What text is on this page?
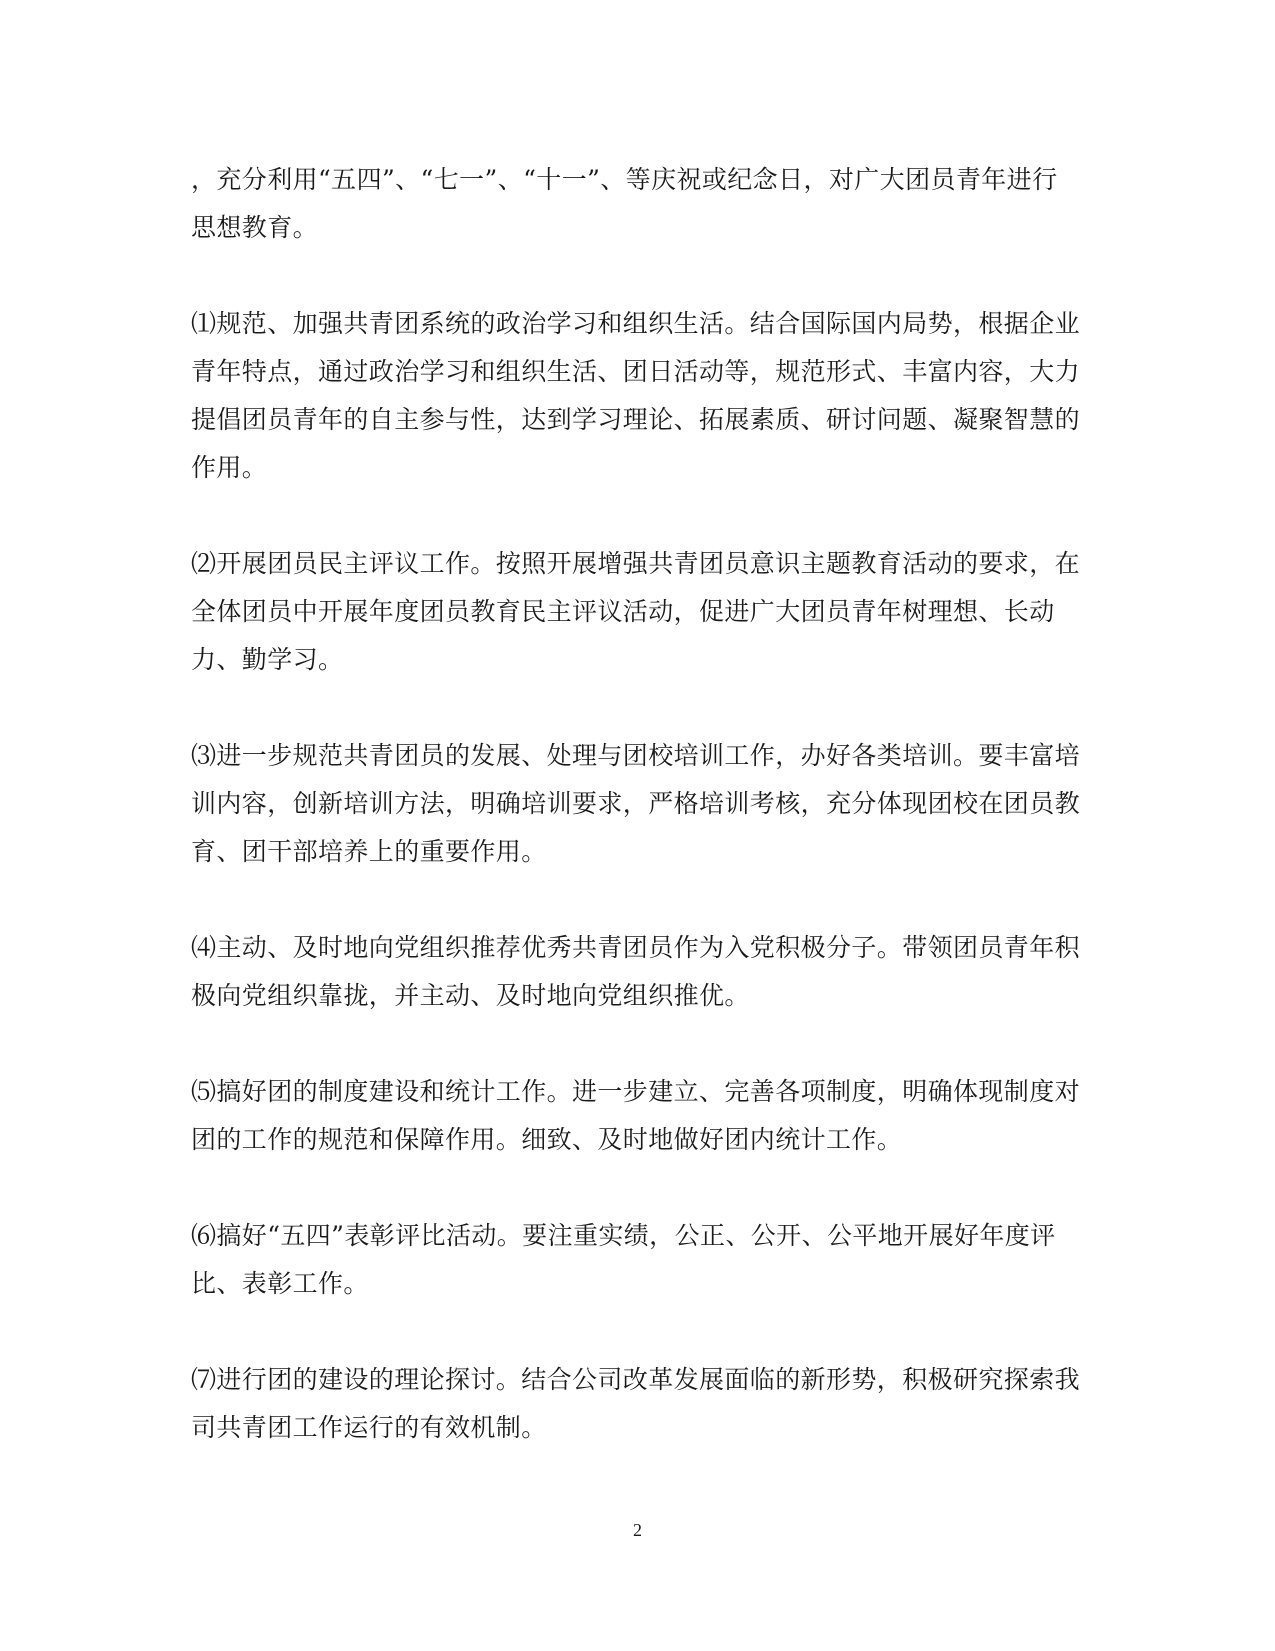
，充分利用“五四”、“七一”、“十一”、等庆祝或纪念日，对广大团员青年进行思想教育。

⑴规范、加强共青团系统的政治学习和组织生活。结合国际国内局势，根据企业青年特点，通过政治学习和组织生活、团日活动等，规范形式、丰富内容，大力提倡团员青年的自主参与性，达到学习理论、拓展素质、研讨问题、凝聚智慧的作用。

⑵开展团员民主评议工作。按照开展增强共青团员意识主题教育活动的要求，在全体团员中开展年度团员教育民主评议活动，促进广大团员青年树理想、长动力、勤学习。

⑶进一步规范共青团员的发展、处理与团校培训工作，办好各类培训。要丰富培训内容，创新培训方法，明确培训要求，严格培训考核，充分体现团校在团员教育、团干部培养上的重要作用。

⑷主动、及时地向党组织推荐优秀共青团员作为入党积极分子。带领团员青年积极向党组织靠拢，并主动、及时地向党组织推优。

⑸搞好团的制度建设和统计工作。进一步建立、完善各项制度，明确体现制度对团的工作的规范和保障作用。细致、及时地做好团内统计工作。

⑹搞好“五四”表彰评比活动。要注重实绩，公正、公开、公平地开展好年度评比、表彰工作。

⑺进行团的建设的理论探讨。结合公司改革发展面临的新形势，积极研究探索我司共青团工作运行的有效机制。

2
